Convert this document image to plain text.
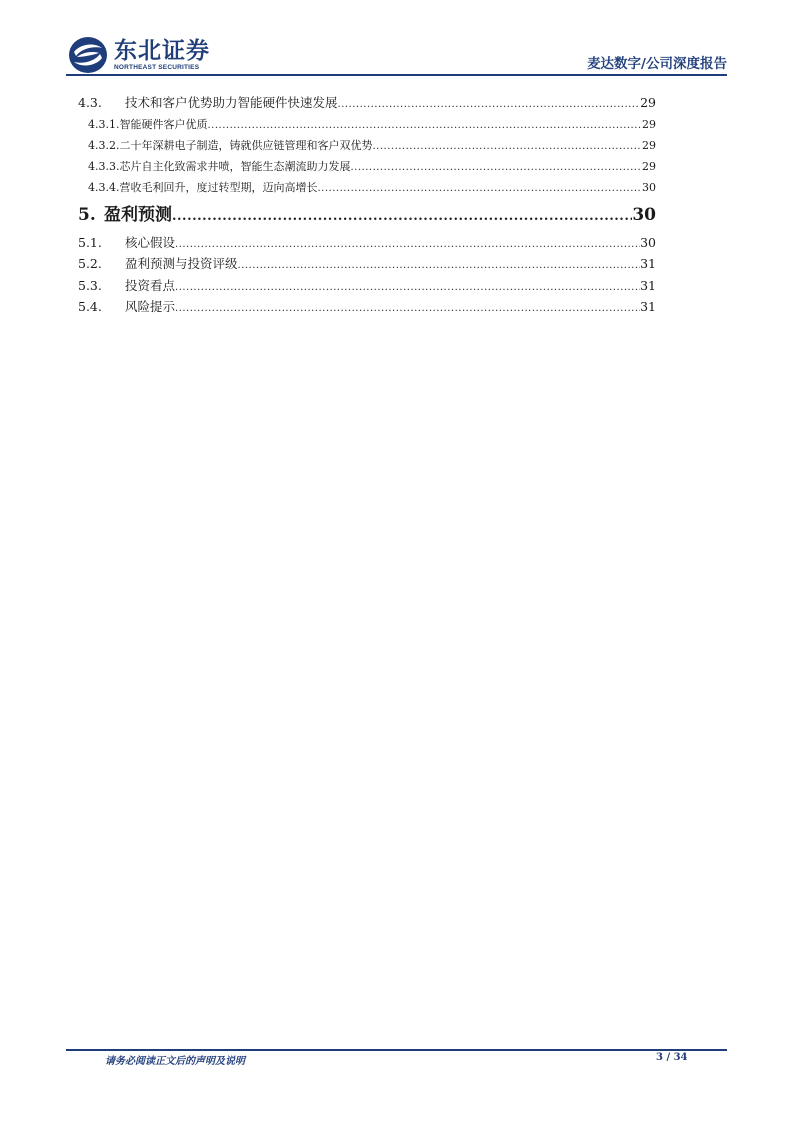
东北证券
NORTHEAST SECURITIES	麦达数字/公司深度报告
4.3.	技术和客户优势助力智能硬件快速发展 .....	29
4.3.1. 智能硬件客户优质 .....	29
4.3.2. 二十年深耕电子制造，铸就供应链管理和客户双优势 .....	29
4.3.3. 芯片自主化致需求井喷，智能生态潮流助力发展 .....	29
4.3.4. 营收毛利回升，度过转型期，迈向高增长 .....	30
5. 盈利预测 .....	30
5.1.	核心假设 .....	30
5.2.	盈利预测与投资评级 .....	31
5.3.	投资看点 .....	31
5.4.	风险提示 .....	31
请务必阅读正文后的声明及说明	3 / 34
